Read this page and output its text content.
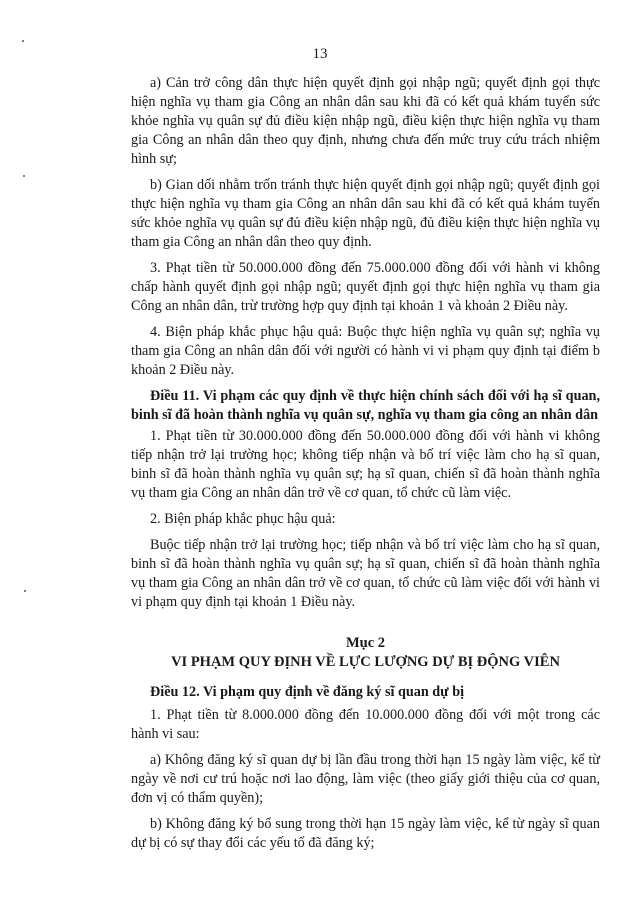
13

a) Cản trở công dân thực hiện quyết định gọi nhập ngũ; quyết định gọi thực hiện nghĩa vụ tham gia Công an nhân dân sau khi đã có kết quả khám tuyển sức khỏe nghĩa vụ quân sự đủ điều kiện nhập ngũ, điều kiện thực hiện nghĩa vụ tham gia Công an nhân dân theo quy định, nhưng chưa đến mức truy cứu trách nhiệm hình sự;

b) Gian dối nhằm trốn tránh thực hiện quyết định gọi nhập ngũ; quyết định gọi thực hiện nghĩa vụ tham gia Công an nhân dân sau khi đã có kết quả khám tuyển sức khỏe nghĩa vụ quân sự đủ điều kiện nhập ngũ, đủ điều kiện thực hiện nghĩa vụ tham gia Công an nhân dân theo quy định.

3. Phạt tiền từ 50.000.000 đồng đến 75.000.000 đồng đối với hành vi không chấp hành quyết định gọi nhập ngũ; quyết định gọi thực hiện nghĩa vụ tham gia Công an nhân dân, trừ trường hợp quy định tại khoản 1 và khoản 2 Điều này.

4. Biện pháp khắc phục hậu quả: Buộc thực hiện nghĩa vụ quân sự; nghĩa vụ tham gia Công an nhân dân đối với người có hành vi vi phạm quy định tại điểm b khoản 2 Điều này.

Điều 11. Vi phạm các quy định về thực hiện chính sách đối với hạ sĩ quan, binh sĩ đã hoàn thành nghĩa vụ quân sự, nghĩa vụ tham gia công an nhân dân

1. Phạt tiền từ 30.000.000 đồng đến 50.000.000 đồng đối với hành vi không tiếp nhận trở lại trường học; không tiếp nhận và bố trí việc làm cho hạ sĩ quan, binh sĩ đã hoàn thành nghĩa vụ quân sự; hạ sĩ quan, chiến sĩ đã hoàn thành nghĩa vụ tham gia Công an nhân dân trở về cơ quan, tổ chức cũ làm việc.

2. Biện pháp khắc phục hậu quả:

Buộc tiếp nhận trở lại trường học; tiếp nhận và bố trí việc làm cho hạ sĩ quan, binh sĩ đã hoàn thành nghĩa vụ quân sự; hạ sĩ quan, chiến sĩ đã hoàn thành nghĩa vụ tham gia Công an nhân dân trở về cơ quan, tổ chức cũ làm việc đối với hành vi vi phạm quy định tại khoản 1 Điều này.

Mục 2

VI PHẠM QUY ĐỊNH VỀ LỰC LƯỢNG DỰ BỊ ĐỘNG VIÊN

Điều 12. Vi phạm quy định về đăng ký sĩ quan dự bị

1. Phạt tiền từ 8.000.000 đồng đến 10.000.000 đồng đối với một trong các hành vi sau:

a) Không đăng ký sĩ quan dự bị lần đầu trong thời hạn 15 ngày làm việc, kể từ ngày về nơi cư trú hoặc nơi lao động, làm việc (theo giấy giới thiệu của cơ quan, đơn vị có thẩm quyền);

b) Không đăng ký bổ sung trong thời hạn 15 ngày làm việc, kể từ ngày sĩ quan dự bị có sự thay đổi các yếu tố đã đăng ký;
